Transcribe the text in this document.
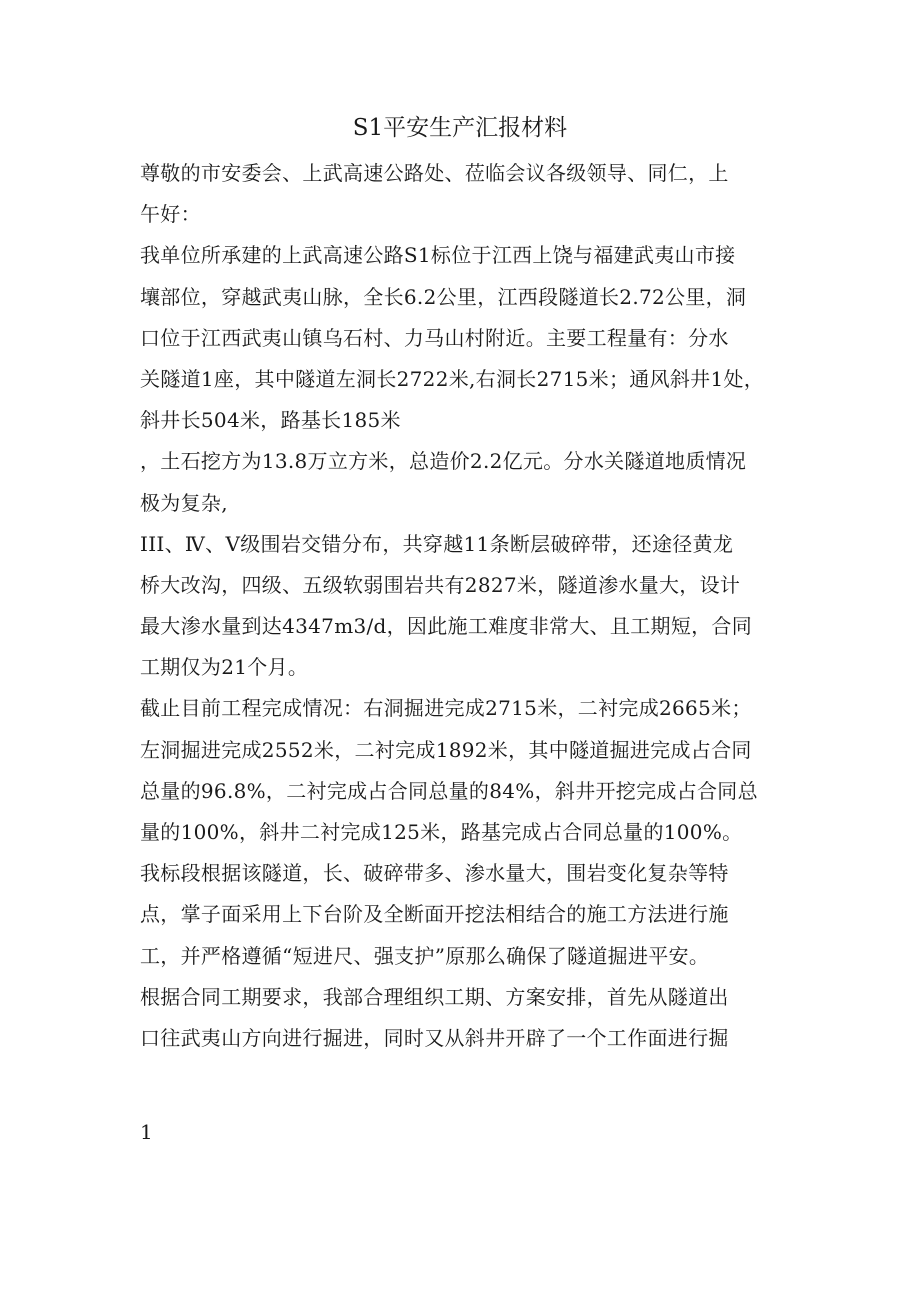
S1平安生产汇报材料
尊敬的市安委会、上武高速公路处、莅临会议各级领导、同仁，上
午好：
我单位所承建的上武高速公路S1标位于江西上饶与福建武夷山市接
壤部位，穿越武夷山脉，全长6.2公里，江西段隧道长2.72公里，洞
口位于江西武夷山镇乌石村、力马山村附近。主要工程量有：分水
关隧道1座，其中隧道左洞长2722米,右洞长2715米；通风斜井1处，
斜井长504米，路基长185米
，土石挖方为13.8万立方米，总造价2.2亿元。分水关隧道地质情况
极为复杂,
III、Ⅳ、Ⅴ级围岩交错分布，共穿越11条断层破碎带，还途径黄龙
桥大改沟，四级、五级软弱围岩共有2827米，隧道渗水量大，设计
最大渗水量到达4347m3/d，因此施工难度非常大、且工期短，合同
工期仅为21个月。
截止目前工程完成情况：右洞掘进完成2715米，二衬完成2665米；
左洞掘进完成2552米，二衬完成1892米，其中隧道掘进完成占合同
总量的96.8%，二衬完成占合同总量的84%，斜井开挖完成占合同总
量的100%，斜井二衬完成125米，路基完成占合同总量的100%。
我标段根据该隧道，长、破碎带多、渗水量大，围岩变化复杂等特
点，掌子面采用上下台阶及全断面开挖法相结合的施工方法进行施
工，并严格遵循“短进尺、强支护”原那么确保了隧道掘进平安。
根据合同工期要求，我部合理组织工期、方案安排，首先从隧道出
口往武夷山方向进行掘进，同时又从斜井开辟了一个工作面进行掘
1
